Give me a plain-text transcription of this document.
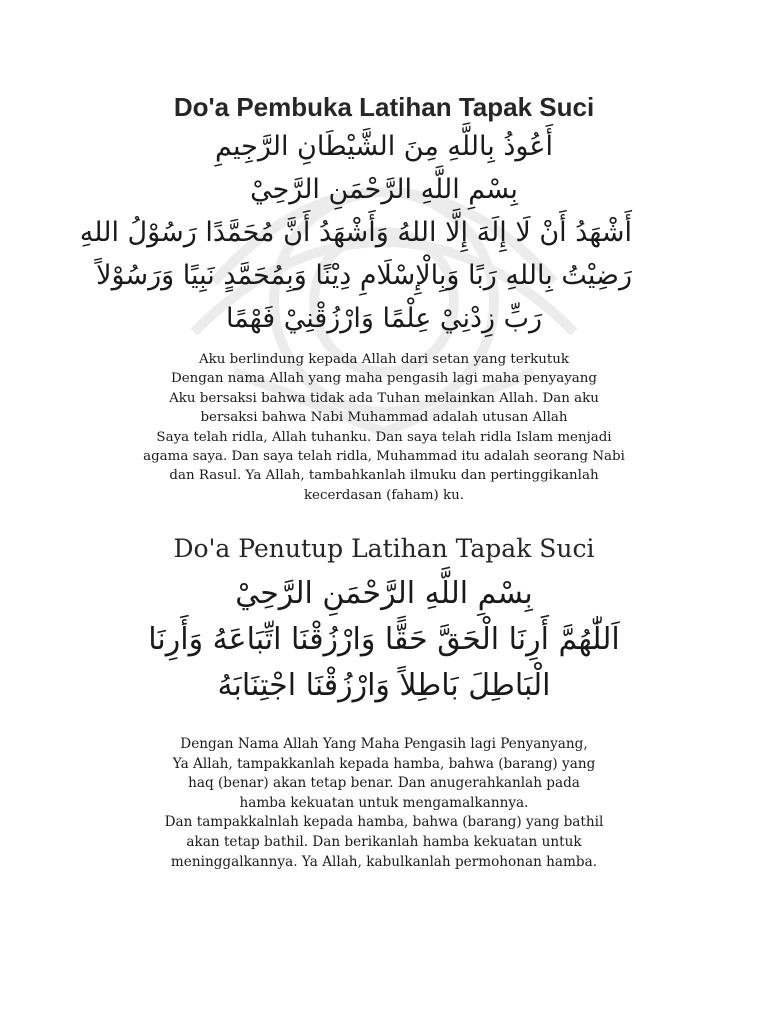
Do'a Pembuka Latihan Tapak Suci

أَعُوذُ بِاللَّهِ مِنَ الشَّيْطَانِ الرَّجِيمِ

بِسْمِ اللَّهِ الرَّحْمَنِ الرَّحِيْ

أَشْهَدُ أَنْ لَا إِلَهَ إِلَّا اللهُ وَأَشْهَدُ أَنَّ مُحَمَّدًا رَسُوْلُ اللهِ

رَضِيْتُ بِاللهِ رَبًا وَبِالْإِسْلَامِ دِيْنًا وَبِمُحَمَّدٍ نَبِيًا وَرَسُوْلاً

رَبِّ زِدْنِيْ عِلْمًا وَارْزُقْنِيْ فَهْمًا

Aku berlindung kepada Allah dari setan yang terkutuk

Dengan nama Allah yang maha pengasih lagi maha penyayang

Aku bersaksi bahwa tidak ada Tuhan melainkan Allah. Dan aku

bersaksi bahwa Nabi Muhammad adalah utusan Allah

Saya telah ridla, Allah tuhanku. Dan saya telah ridla Islam menjadi

agama saya. Dan saya telah ridla, Muhammad itu adalah seorang Nabi

dan Rasul. Ya Allah, tambahkanlah ilmuku dan pertinggikanlah

kecerdasan (faham) ku.

Do'a Penutup Latihan Tapak Suci

بِسْمِ اللَّهِ الرَّحْمَنِ الرَّحِيْ

اَللّٰهُمَّ أَرِنَا الْحَقَّ حَقًّا وَارْزُقْنَا اتِّبَاعَهُ وَأَرِنَا

الْبَاطِلَ بَاطِلاً وَارْزُقْنَا اجْتِنَابَهُ

Dengan Nama Allah Yang Maha Pengasih lagi Penyanyang,

Ya Allah, tampakkanlah kepada hamba, bahwa (barang) yang

haq (benar) akan tetap benar. Dan anugerahkanlah pada

hamba kekuatan untuk mengamalkannya.

Dan tampakkalnlah kepada hamba, bahwa (barang) yang bathil

akan tetap bathil. Dan berikanlah hamba kekuatan untuk

meninggalkannya. Ya Allah, kabulkanlah permohonan hamba.
